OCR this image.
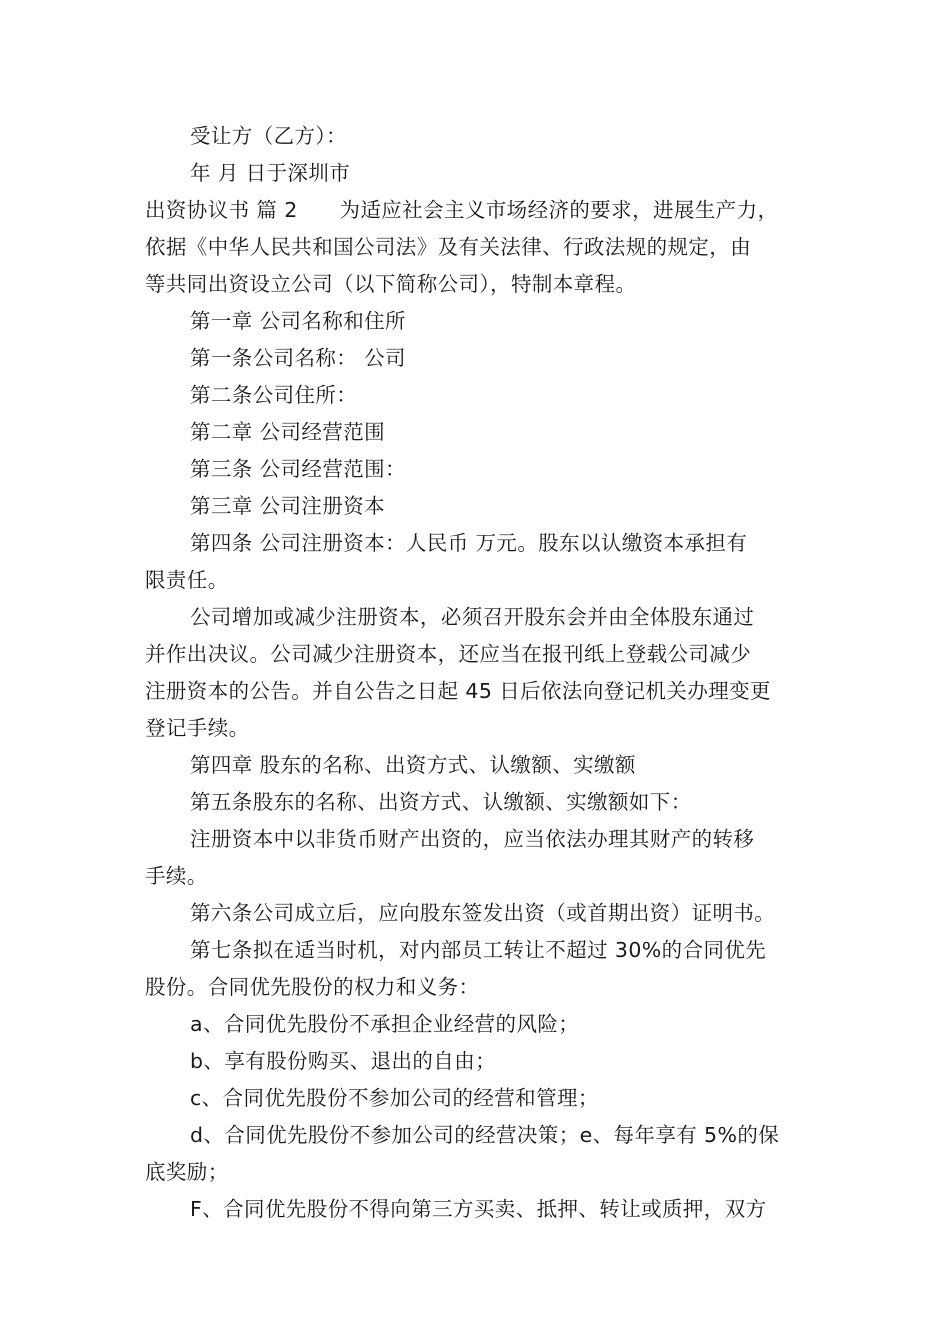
受让方（乙方）：
年 月 日于深圳市
出资协议书 篇 2　　为适应社会主义市场经济的要求，进展生产力，
依据《中华人民共和国公司法》及有关法律、行政法规的规定，由
等共同出资设立公司（以下简称公司），特制本章程。
第一章 公司名称和住所
第一条公司名称： 公司
第二条公司住所：
第二章 公司经营范围
第三条 公司经营范围：
第三章 公司注册资本
第四条 公司注册资本：人民币 万元。股东以认缴资本承担有
限责任。
公司增加或减少注册资本，必须召开股东会并由全体股东通过
并作出决议。公司减少注册资本，还应当在报刊纸上登载公司减少
注册资本的公告。并自公告之日起 45 日后依法向登记机关办理变更
登记手续。
第四章 股东的名称、出资方式、认缴额、实缴额
第五条股东的名称、出资方式、认缴额、实缴额如下：
注册资本中以非货币财产出资的，应当依法办理其财产的转移
手续。
第六条公司成立后，应向股东签发出资（或首期出资）证明书。
第七条拟在适当时机，对内部员工转让不超过 30%的合同优先
股份。合同优先股份的权力和义务：
a、合同优先股份不承担企业经营的风险；
b、享有股份购买、退出的自由；
c、合同优先股份不参加公司的经营和管理；
d、合同优先股份不参加公司的经营决策；e、每年享有 5%的保
底奖励；
F、合同优先股份不得向第三方买卖、抵押、转让或质押，双方
